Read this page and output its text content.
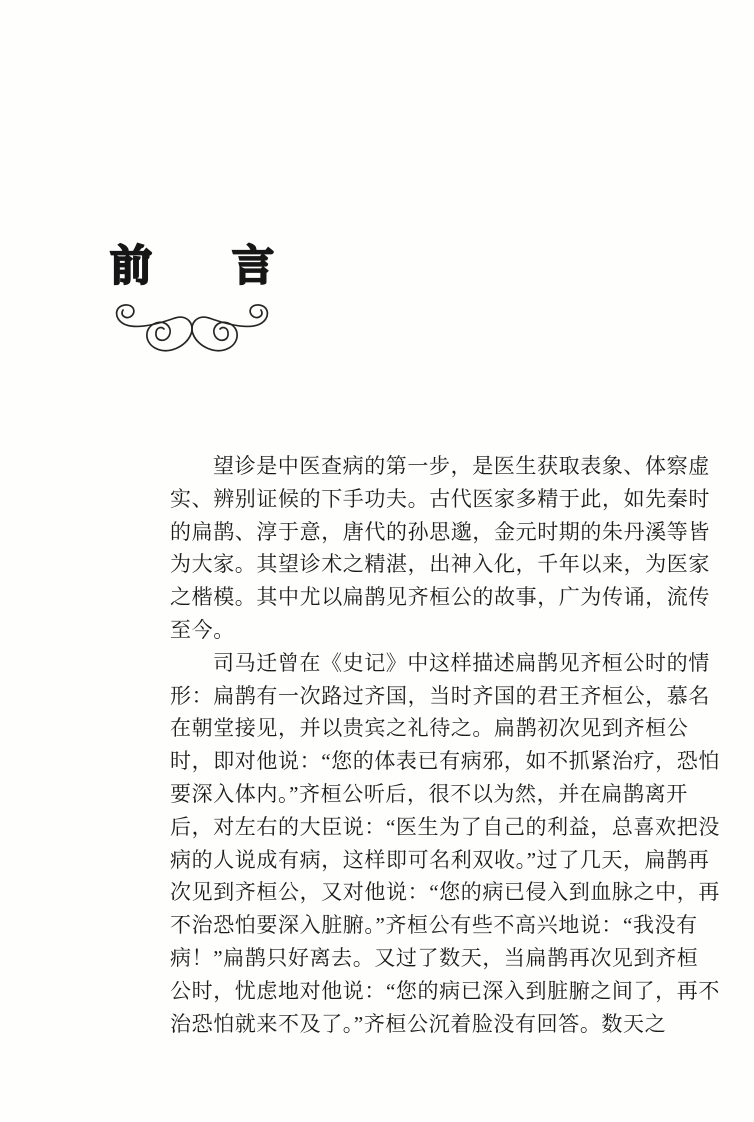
前 言
望诊是中医查病的第一步，是医生获取表象、体察虚
实、辨别证候的下手功夫。古代医家多精于此，如先秦时
的扁鹊、淳于意，唐代的孙思邈，金元时期的朱丹溪等皆
为大家。其望诊术之精湛，出神入化，千年以来，为医家
之楷模。其中尤以扁鹊见齐桓公的故事，广为传诵，流传
至今。
司马迁曾在《史记》中这样描述扁鹊见齐桓公时的情
形：扁鹊有一次路过齐国，当时齐国的君王齐桓公，慕名
在朝堂接见，并以贵宾之礼待之。扁鹊初次见到齐桓公
时，即对他说：“您的体表已有病邪，如不抓紧治疗，恐怕
要深入体内。”齐桓公听后，很不以为然，并在扁鹊离开
后，对左右的大臣说：“医生为了自己的利益，总喜欢把没
病的人说成有病，这样即可名利双收。”过了几天，扁鹊再
次见到齐桓公，又对他说：“您的病已侵入到血脉之中，再
不治恐怕要深入脏腑。”齐桓公有些不高兴地说：“我没有
病！”扁鹊只好离去。又过了数天，当扁鹊再次见到齐桓
公时，忧虑地对他说：“您的病已深入到脏腑之间了，再不
治恐怕就来不及了。”齐桓公沉着脸没有回答。数天之
